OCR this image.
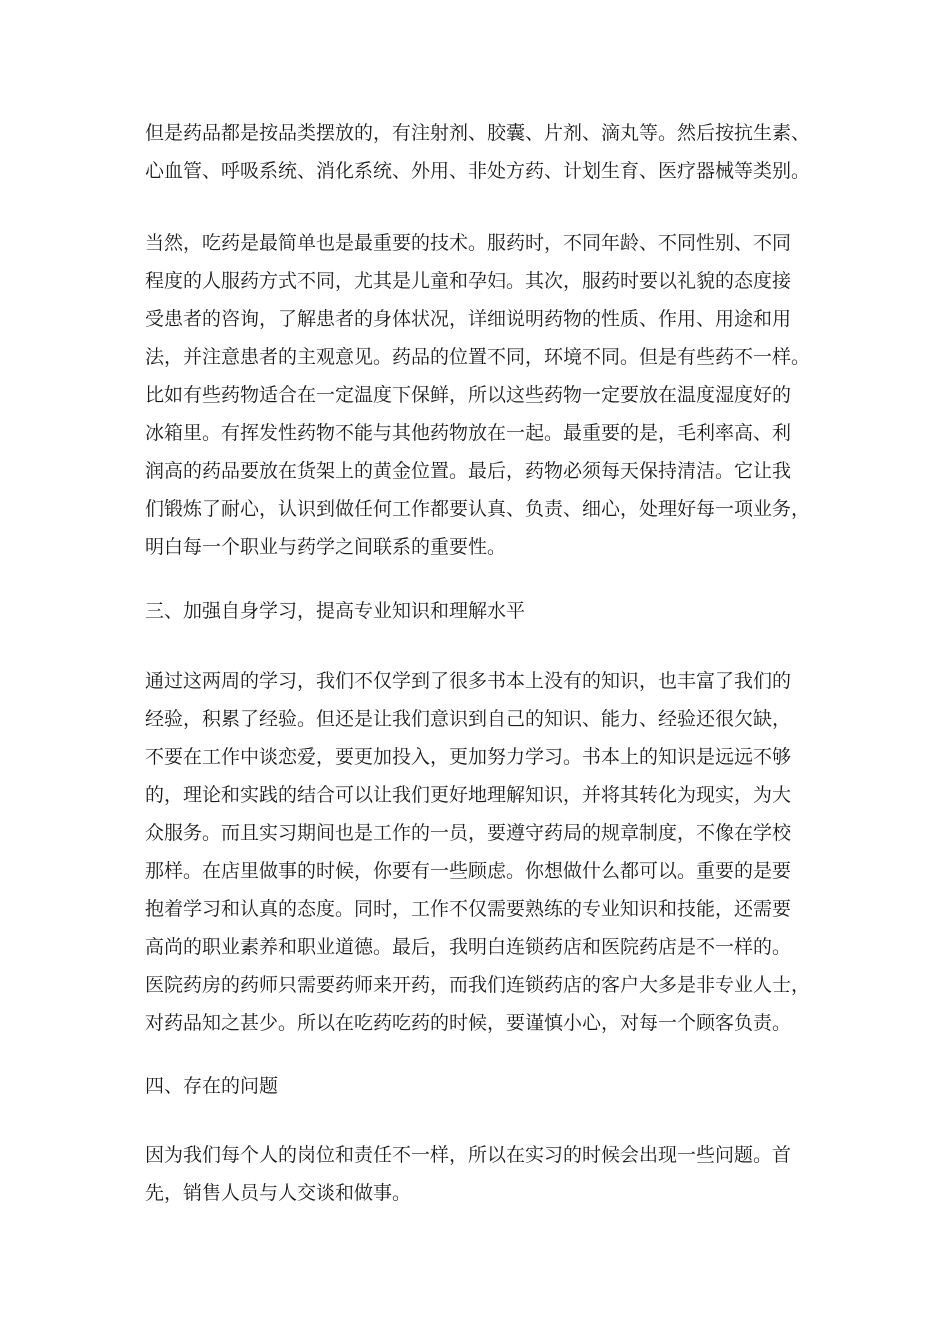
但是药品都是按品类摆放的，有注射剂、胶囊、片剂、滴丸等。然后按抗生素、
心血管、呼吸系统、消化系统、外用、非处方药、计划生育、医疗器械等类别。
当然，吃药是最简单也是最重要的技术。服药时，不同年龄、不同性别、不同
程度的人服药方式不同，尤其是儿童和孕妇。其次，服药时要以礼貌的态度接
受患者的咨询，了解患者的身体状况，详细说明药物的性质、作用、用途和用
法，并注意患者的主观意见。药品的位置不同，环境不同。但是有些药不一样。
比如有些药物适合在一定温度下保鲜，所以这些药物一定要放在温度湿度好的
冰箱里。有挥发性药物不能与其他药物放在一起。最重要的是，毛利率高、利
润高的药品要放在货架上的黄金位置。最后，药物必须每天保持清洁。它让我
们锻炼了耐心，认识到做任何工作都要认真、负责、细心，处理好每一项业务，
明白每一个职业与药学之间联系的重要性。
三、加强自身学习，提高专业知识和理解水平
通过这两周的学习，我们不仅学到了很多书本上没有的知识，也丰富了我们的
经验，积累了经验。但还是让我们意识到自己的知识、能力、经验还很欠缺，
不要在工作中谈恋爱，要更加投入，更加努力学习。书本上的知识是远远不够
的，理论和实践的结合可以让我们更好地理解知识，并将其转化为现实，为大
众服务。而且实习期间也是工作的一员，要遵守药局的规章制度，不像在学校
那样。在店里做事的时候，你要有一些顾虑。你想做什么都可以。重要的是要
抱着学习和认真的态度。同时，工作不仅需要熟练的专业知识和技能，还需要
高尚的职业素养和职业道德。最后，我明白连锁药店和医院药店是不一样的。
医院药房的药师只需要药师来开药，而我们连锁药店的客户大多是非专业人士，
对药品知之甚少。所以在吃药吃药的时候，要谨慎小心，对每一个顾客负责。
四、存在的问题
因为我们每个人的岗位和责任不一样，所以在实习的时候会出现一些问题。首
先，销售人员与人交谈和做事。
